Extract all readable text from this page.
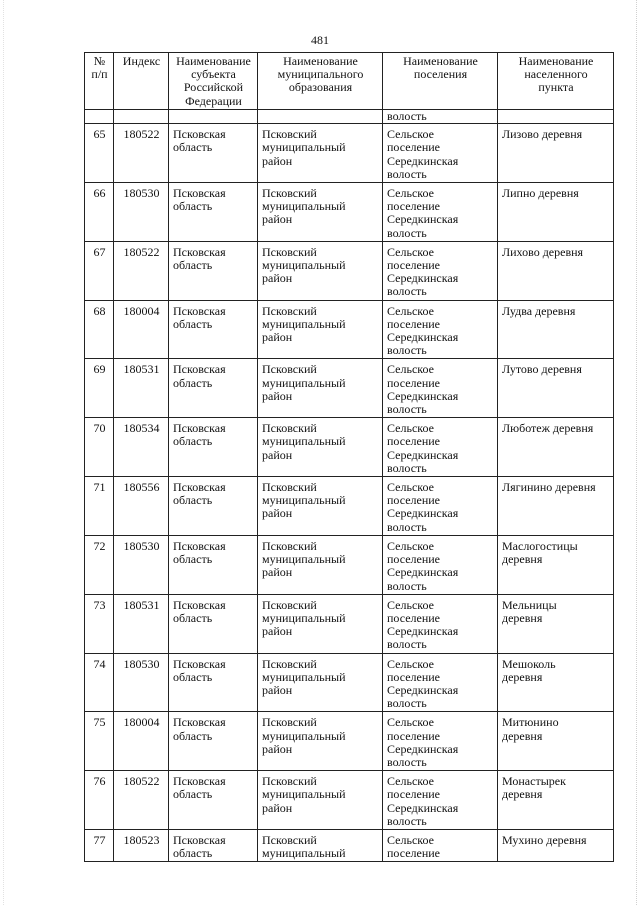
481
№
п/п	Индекс	Наименование
субъекта
Российской
Федерации	Наименование
муниципального
образования	Наименование
поселения	Наименование
населенного
пункта
				волость	
65	180522	Псковская
область	Псковский
муниципальный
район	Сельское
поселение
Середкинская
волость	Лизово деревня
66	180530	Псковская
область	Псковский
муниципальный
район	Сельское
поселение
Середкинская
волость	Липно деревня
67	180522	Псковская
область	Псковский
муниципальный
район	Сельское
поселение
Середкинская
волость	Лихово деревня
68	180004	Псковская
область	Псковский
муниципальный
район	Сельское
поселение
Середкинская
волость	Лудва деревня
69	180531	Псковская
область	Псковский
муниципальный
район	Сельское
поселение
Середкинская
волость	Лутово деревня
70	180534	Псковская
область	Псковский
муниципальный
район	Сельское
поселение
Середкинская
волость	Люботеж деревня
71	180556	Псковская
область	Псковский
муниципальный
район	Сельское
поселение
Середкинская
волость	Лягинино деревня
72	180530	Псковская
область	Псковский
муниципальный
район	Сельское
поселение
Середкинская
волость	Маслогостицы
деревня
73	180531	Псковская
область	Псковский
муниципальный
район	Сельское
поселение
Середкинская
волость	Мельницы
деревня
74	180530	Псковская
область	Псковский
муниципальный
район	Сельское
поселение
Середкинская
волость	Мешоколь
деревня
75	180004	Псковская
область	Псковский
муниципальный
район	Сельское
поселение
Середкинская
волость	Митюнино
деревня
76	180522	Псковская
область	Псковский
муниципальный
район	Сельское
поселение
Середкинская
волость	Монастырек
деревня
77	180523	Псковская
область	Псковский
муниципальный	Сельское
поселение	Мухино деревня
